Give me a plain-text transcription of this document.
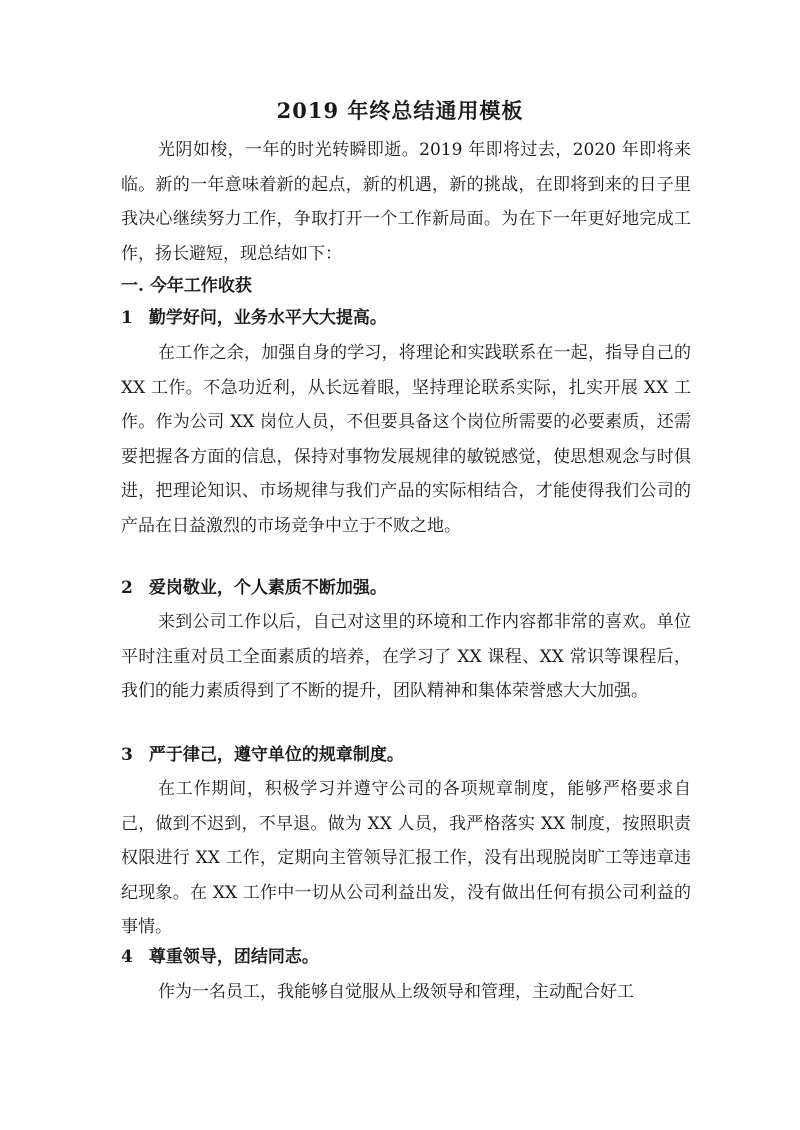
2019 年终总结通用模板

光阴如梭，一年的时光转瞬即逝。2019 年即将过去，2020 年即将来临。新的一年意味着新的起点，新的机遇，新的挑战，在即将到来的日子里我决心继续努力工作，争取打开一个工作新局面。为在下一年更好地完成工作，扬长避短，现总结如下：

一. 今年工作收获
1 勤学好问，业务水平大大提高。

在工作之余，加强自身的学习，将理论和实践联系在一起，指导自己的 XX 工作。不急功近利，从长远着眼，坚持理论联系实际，扎实开展 XX 工作。作为公司 XX 岗位人员，不但要具备这个岗位所需要的必要素质，还需要把握各方面的信息，保持对事物发展规律的敏锐感觉，使思想观念与时俱进，把理论知识、市场规律与我们产品的实际相结合，才能使得我们公司的产品在日益激烈的市场竞争中立于不败之地。

2 爱岗敬业，个人素质不断加强。

来到公司工作以后，自己对这里的环境和工作内容都非常的喜欢。单位平时注重对员工全面素质的培养，在学习了 XX 课程、XX 常识等课程后，我们的能力素质得到了不断的提升，团队精神和集体荣誉感大大加强。

3 严于律己，遵守单位的规章制度。

在工作期间，积极学习并遵守公司的各项规章制度，能够严格要求自己，做到不迟到，不早退。做为 XX 人员，我严格落实 XX 制度，按照职责权限进行 XX 工作，定期向主管领导汇报工作，没有出现脱岗旷工等违章违纪现象。在 XX 工作中一切从公司利益出发，没有做出任何有损公司利益的事情。

4 尊重领导，团结同志。

作为一名员工，我能够自觉服从上级领导和管理，主动配合好工
